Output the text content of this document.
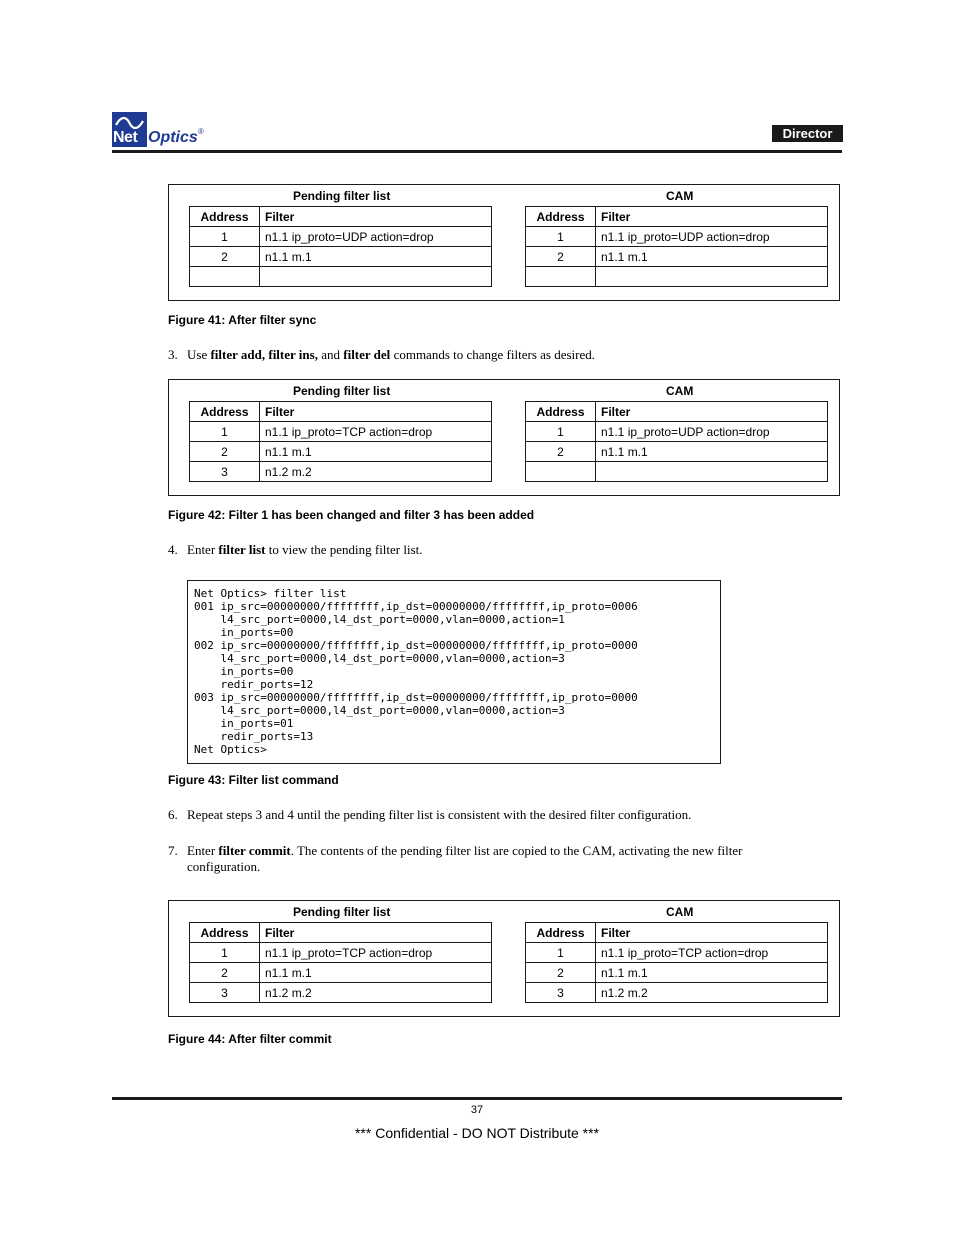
Net Optics ®	Director
Pending filter list	CAM
Address	Filter
1	n1.1 ip_proto=UDP action=drop
2	n1.1 m.1

Address	Filter
1	n1.1 ip_proto=UDP action=drop
2	n1.1 m.1

Figure 41: After filter sync
3. Use filter add, filter ins, and filter del commands to change filters as desired.
Pending filter list	CAM
Address	Filter
1	n1.1 ip_proto=TCP action=drop
2	n1.1 m.1
3	n1.2 m.2
Address	Filter
1	n1.1 ip_proto=UDP action=drop
2	n1.1 m.1

Figure 42: Filter 1 has been changed and filter 3 has been added
4. Enter filter list to view the pending filter list.
Net Optics> filter list
001 ip_src=00000000/ffffffff,ip_dst=00000000/ffffffff,ip_proto=0006
l4_src_port=0000,l4_dst_port=0000,vlan=0000,action=1
in_ports=00
002 ip_src=00000000/ffffffff,ip_dst=00000000/ffffffff,ip_proto=0000
l4_src_port=0000,l4_dst_port=0000,vlan=0000,action=3
in_ports=00
redir_ports=12
003 ip_src=00000000/ffffffff,ip_dst=00000000/ffffffff,ip_proto=0000
l4_src_port=0000,l4_dst_port=0000,vlan=0000,action=3
in_ports=01
redir_ports=13
Net Optics>
Figure 43: Filter list command
6. Repeat steps 3 and 4 until the pending filter list is consistent with the desired filter configuration.
7. Enter filter commit. The contents of the pending filter list are copied to the CAM, activating the new filter
configuration.
Pending filter list	CAM
Address	Filter
1	n1.1 ip_proto=TCP action=drop
2	n1.1 m.1
3	n1.2 m.2
Address	Filter
1	n1.1 ip_proto=TCP action=drop
2	n1.1 m.1
3	n1.2 m.2
Figure 44: After filter commit
37
*** Confidential - DO NOT Distribute ***
